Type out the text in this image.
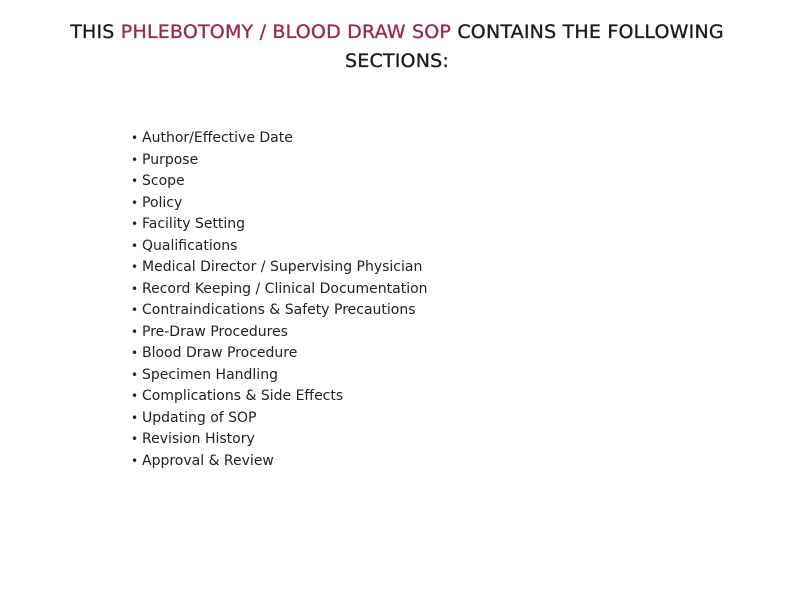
THIS PHLEBOTOMY / BLOOD DRAW SOP CONTAINS THE FOLLOWING SECTIONS:
• Author/Effective Date
• Purpose
• Scope
• Policy
• Facility Setting
• Qualifications
• Medical Director / Supervising Physician
• Record Keeping / Clinical Documentation
• Contraindications & Safety Precautions
• Pre-Draw Procedures
• Blood Draw Procedure
• Specimen Handling
• Complications & Side Effects
• Updating of SOP
• Revision History
• Approval & Review
